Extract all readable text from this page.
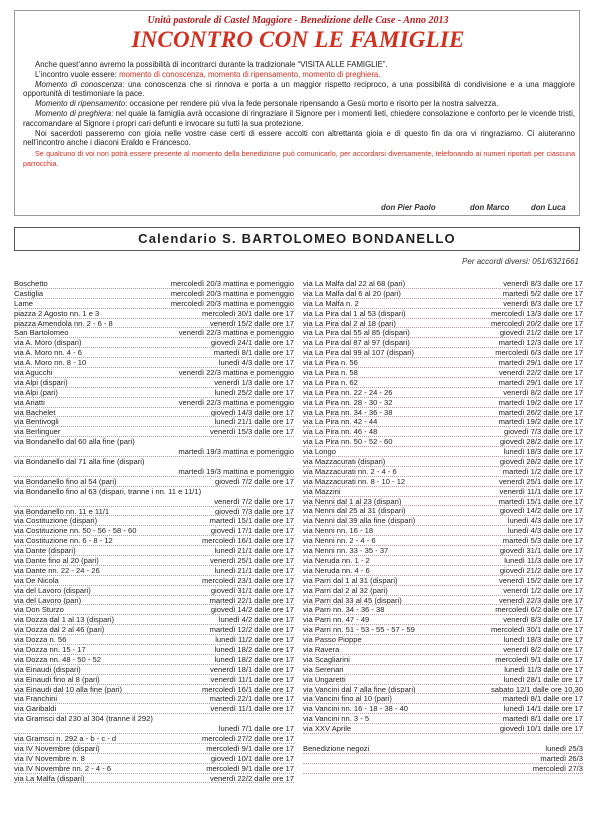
Unità pastorale di Castel Maggiore - Benedizione delle Case - Anno 2013
INCONTRO CON LE FAMIGLIE

Anche quest’anno avremo la possibilità di incontrarci durante la tradizionale “VISITA ALLE FAMIGLIE”.

L’incontro vuole essere: momento di conoscenza, momento di ripensamento, momento di preghiera.

Momento di conoscenza: una conoscenza che si rinnova e porta a un maggior rispetto reciproco, a una possibilità di condivisione e a una maggiore opportunità di testimoniare la pace.

Momento di ripensamento: occasione per rendere più viva la fede personale ripensando a Gesù morto e risorto per la nostra salvezza.

Momento di preghiera: nel quale la famiglia avrà occasione di ringraziare il Signore per i momenti lieti, chiedere consolazione e conforto per le vicende tristi, raccomandare al Signore i propri cari defunti e invocare su tutti la sua protezione.

Noi sacerdoti passeremo con gioia nelle vostre case certi di essere accolti con altrettanta gioia e di questo fin da ora vi ringraziamo. Ci aiuteranno nell’incontro anche i diaconi Eraldo e Francesco.

Se qualcuno di voi non potrà essere presente al momento della benedizione può comunicarlo, per accordarsi diversamente, telefonando ai numeri riportati per ciascuna parrocchia.

don Pier Paolo	don Marco	don Luca
Calendario S. BARTOLOMEO BONDANELLO
Per accordi diversi: 051/6321661
Boschetto	mercoledì 20/3 mattina e pomeriggio
Castiglia	mercoledì 20/3 mattina e pomeriggio
Lame	mercoledì 20/3 mattina e pomeriggio
piazza 2 Agosto nn. 1 e 3	mercoledì 30/1 dalle ore 17
piazza Amendola nn. 2 - 6 - 8	venerdì 15/2 dalle ore 17
San Bartolomeo	venerdì 22/3 mattina e pomeriggio
via A. Moro (dispari)	giovedì 24/1 dalle ore 17
via A. Moro nn. 4 - 6	martedì 8/1 dalle ore 17
via A. Moro nn. 8 - 10	lunedì 4/3 dalle ore 17
via Agucchi	venerdì 22/3 mattina e pomeriggio
via Alpi (dispari)	venerdì 1/3 dalle ore 17
via Alpi (pari)	lunedì 25/2 dalle ore 17
via Ariatti	venerdì 22/3 mattina e pomeriggio
via Bachelet	giovedì 14/3 dalle ore 17
via Bentivogli	lunedì 21/1 dalle ore 17
via Berlinguer	venerdì 15/3 dalle ore 17
via Bondanello dal 60 alla fine (pari)
martedì 19/3 mattina e pomeriggio
via Bondanello dal 71 alla fine (dispari)
martedì 19/3 mattina e pomeriggio
via Bondanello fino al 54 (pari)	giovedì 7/2 dalle ore 17
via Bondanello fino al 63 (dispari, tranne i nn. 11 e 11/1)
venerdì 7/2 dalle ore 17
via Bondanello nn. 11 e 11/1	giovedì 7/3 dalle ore 17
via Costituzione (dispari)	martedì 15/1 dalle ore 17
via Costituzione nn. 50 - 56 - 58 - 60	giovedì 17/1 dalle ore 17
via Costituzione nn. 6 - 8 - 12	mercoledì 16/1 dalle ore 17
via Dante (dispari)	lunedì 21/1 dalle ore 17
via Dante fino al 20 (pari)	venerdì 25/1 dalle ore 17
via Dante nn. 22 - 24 - 26	lunedì 21/1 dalle ore 17
via De Nicola	mercoledì 23/1 dalle ore 17
via del Lavoro (dispari)	giovedì 31/1 dalle ore 17
via del Lavoro (pari)	martedì 22/1 dalle ore 17
via Don Sturzo	giovedì 14/2 dalle ore 17
via Dozza dal 1 al 13 (dispari)	lunedì 4/2 dalle ore 17
via Dozza dal 2 al 46 (pari)	martedì 12/2 dalle ore 17
via Dozza n. 56	lunedì 11/2 dalle ore 17
via Dozza nn. 15 - 17	lunedì 18/2 dalle ore 17
via Dozza nn. 48 - 50 - 52	lunedì 18/2 dalle ore 17
via Einaudi (dispari)	venerdì 18/1 dalle ore 17
via Einaudi fino al 8 (pari)	venerdì 11/1 dalle ore 17
via Einaudi dal 10 alla fine (pari)	mercoledì 16/1 dalle ore 17
via Franchini	martedì 22/1 dalle ore 17
via Garibaldi	venerdì 11/1 dalle ore 17
via Gramsci dal 230 al 304 (tranne il 292)
lunedì 7/1 dalle ore 17
via Gramsci n. 292 a - b - c - d	mercoledì 27/2 dalle ore 17
via IV Novembre (dispari)	mercoledì 9/1 dalle ore 17
via IV Novembre n. 8	giovedì 10/1 dalle ore 17
via IV Novembre nn. 2 - 4 - 6	mercoledì 9/1 dalle ore 17
via La Malfa (dispari)	venerdì 22/2 dalle ore 17
via La Malfa dal 22 al 68 (pari)	venerdì 8/3 dalle ore 17
via La Malfa dal 6 al 20 (pari)	martedì 5/2 dalle ore 17
via La Malfa n. 2	venerdì 8/3 dalle ore 17
via La Pira dal 1 al 53 (dispari)	mercoledì 13/3 dalle ore 17
via La Pira dal 2 al 18 (pari)	mercoledì 20/2 dalle ore 17
via La Pira dal 55 al 85 (dispari)	giovedì 21/2 dalle ore 17
via La Pira dal 87 al 97 (dispari)	martedì 12/3 dalle ore 17
via La Pira dal 99 al 107 (dispari)	mercoledì 6/3 dalle ore 17
via La Pira n. 56	martedì 29/1 dalle ore 17
via La Pira n. 58	venerdì 22/2 dalle ore 17
via La Pira n. 62	martedì 29/1 dalle ore 17
via La Pira nn. 22 - 24 - 26	venerdì 8/2 dalle ore 17
via La Pira nn. 28 - 30 - 32	martedì 19/2 dalle ore 17
via La Pira nn. 34 - 36 - 38	martedì 26/2 dalle ore 17
via La Pira nn. 42 - 44	martedì 19/2 dalle ore 17
via La Pira nn. 46 - 48	giovedì 7/3 dalle ore 17
via La Pira nn. 50 - 52 - 60	giovedì 28/2 dalle ore 17
via Longo	lunedì 18/3 dalle ore 17
via Mazzacurati (dispari)	giovedì 28/2 dalle ore 17
via Mazzacurati nn. 2 - 4 - 6	martedì 1/2 dalle ore 17
via Mazzacurati nn. 8 - 10 - 12	venerdì 25/1 dalle ore 17
via Mazzini	venerdì 11/1 dalle ore 17
via Nenni dal 1 al 23 (dispari)	martedì 15/1 dalle ore 17
via Nenni dal 25 al 31 (dispari)	giovedì 14/2 dalle ore 17
via Nenni dal 39 alla fine (dispari)	lunedì 4/3 dalle ore 17
via Nenni nn. 16 - 18	lunedì 4/3 dalle ore 17
via Nenni nn. 2 - 4 - 6	martedì 5/3 dalle ore 17
via Nenni nn. 33 - 35 - 37	giovedì 31/1 dalle ore 17
via Neruda nn. 1 - 2	lunedì 11/3 dalle ore 17
via Neruda nn. 4 - 6	giovedì 21/2 dalle ore 17
via Parri dal 1 al 31 (dispari)	venerdì 15/2 dalle ore 17
via Parri dal 2 al 32 (pari)	venerdì 1/2 dalle ore 17
via Parri dal 33 al 45 (dispari)	venerdì 22/3 dalle ore 17
via Parri nn. 34 - 36 - 38	mercoledì 6/2 dalle ore 17
via Parri nn. 47 - 49	venerdì 8/3 dalle ore 17
via Parri nn. 51 - 53 - 55 - 57 - 59	mercoledì 30/1 dalle ore 17
via Passo Pioppe	lunedì 18/3 dalle ore 17
via Ravera	venerdì 8/2 dalle ore 17
via Scagliarini	mercoledì 9/1 dalle ore 17
via Serenari	lunedì 11/3 dalle ore 17
via Ungaretti	lunedì 28/1 dalle ore 17
via Vancini dal 7 alla fine (dispari)	sabato 12/1 dalle ore 10,30
via Vancini fino al 10 (pari)	martedì 8/1 dalle ore 17
via Vancini nn. 16 - 18 - 38 - 40	lunedì 14/1 dalle ore 17
via Vancini nn. 3 - 5	martedì 8/1 dalle ore 17
via XXV Aprile	giovedì 10/1 dalle ore 17
Benedizione negozi	lunedì 25/3
martedì 26/3
mercoledì 27/3
